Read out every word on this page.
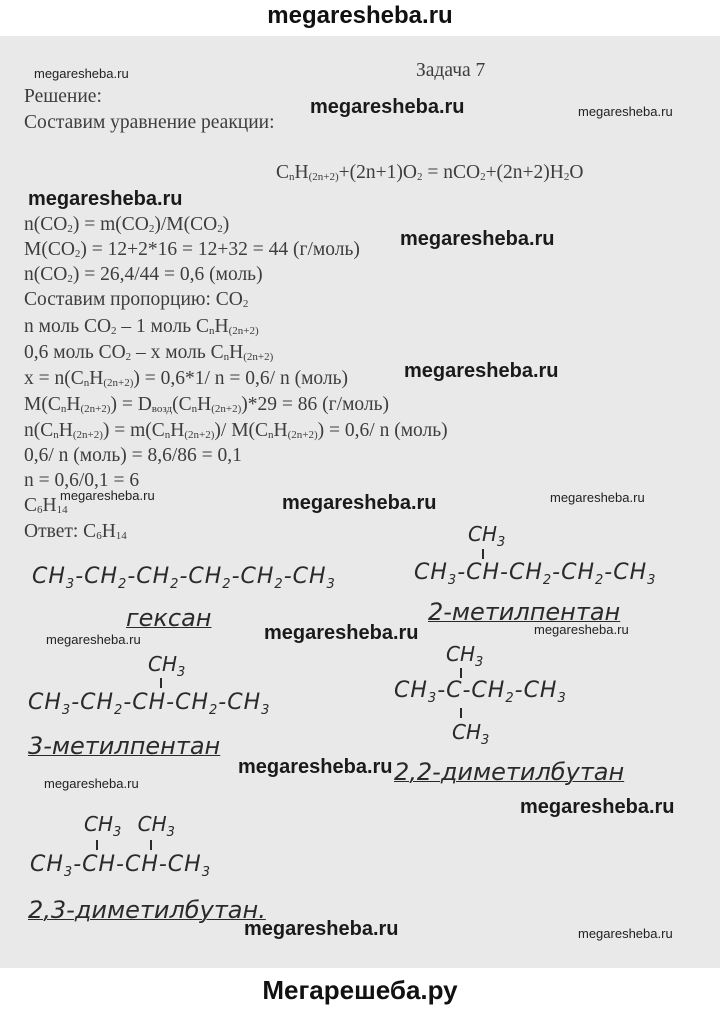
megaresheba.ru
Задача 7
Решение:
Составим уравнение реакции:
$C_nH_{(2n+2)}+(2n+1)O_2 = nCO_2+(2n+2)H_2O$
$n(CO_2) = m(CO_2)/M(CO_2)$
$M(CO_2) = 12+2*16 = 12+32 = 44$ (г/моль)
$n(CO_2) = 26,4/44 = 0,6$ (моль)
Составим пропорцию: $CO_2$
n моль $CO_2 - 1$ моль $C_nH_{(2n+2)}$
0,6 моль $CO_2$ – x моль $C_nH_{(2n+2)}$
$x = n(C_nH_{(2n+2)}) = 0,6*1/$ n = 0,6/ n (моль)
$M(C_nH_{(2n+2)}) = D_{возд}(C_nH_{(2n+2)})*29 = 86$ (г/моль)
$n(C_nH_{(2n+2)}) = m(C_nH_{(2n+2)})/$ $M(C_nH_{(2n+2)}) = 0,6/$ n (моль)
0,6/ n (моль) = 8,6/86 = 0,1
n = 0,6/0,1 = 6
$C_6H_{14}$
Ответ: $C_6H_{14}$
$CH_3-CH_2-CH_2-CH_2-CH_2-CH_3$
гексан
$CH_3$
$CH_3-CH-CH_2-CH_2-CH_3$
2-метилпентан
$CH_3$
$CH_3-CH_2-CH-CH_2-CH_3$
3-метилпентан
$CH_3$
$CH_3-C-CH_2-CH_3$
$CH_3$
2,2-диметилбутан
$CH_3$ $CH_3$
$CH_3-CH-CH-CH_3$
2,3-диметилбутан.
megaresheba.ru
megaresheba.ru	megaresheba.ru
megaresheba.ru
megaresheba.ru
megaresheba.ru
megaresheba.ru	megaresheba.ru	megaresheba.ru
megaresheba.ru	megaresheba.ru	megaresheba.ru
megaresheba.ru
megaresheba.ru
megaresheba.ru
megaresheba.ru	megaresheba.ru
Мегарешеба.ру
